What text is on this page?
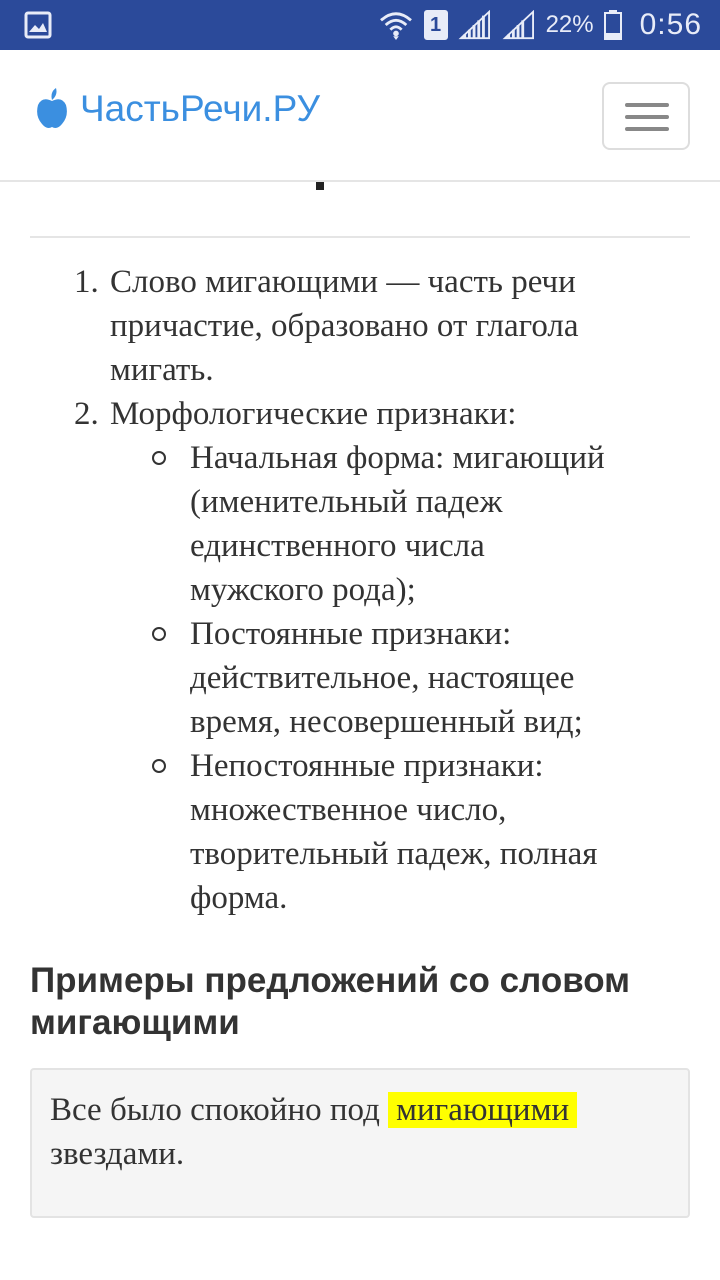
1	22% 0:56
ЧастьРечи.РУ
1. Слово мигающими — часть речи
причастие, образовано от глагола
мигать.
2. Морфологические признаки:
Начальная форма: мигающий
(именительный падеж
единственного числа
мужского рода);
Постоянные признаки:
действительное, настоящее
время, несовершенный вид;
Непостоянные признаки:
множественное число,
творительный падеж, полная
форма.
Примеры предложений со словом
мигающими
Все было спокойно под мигающими
звездами.
